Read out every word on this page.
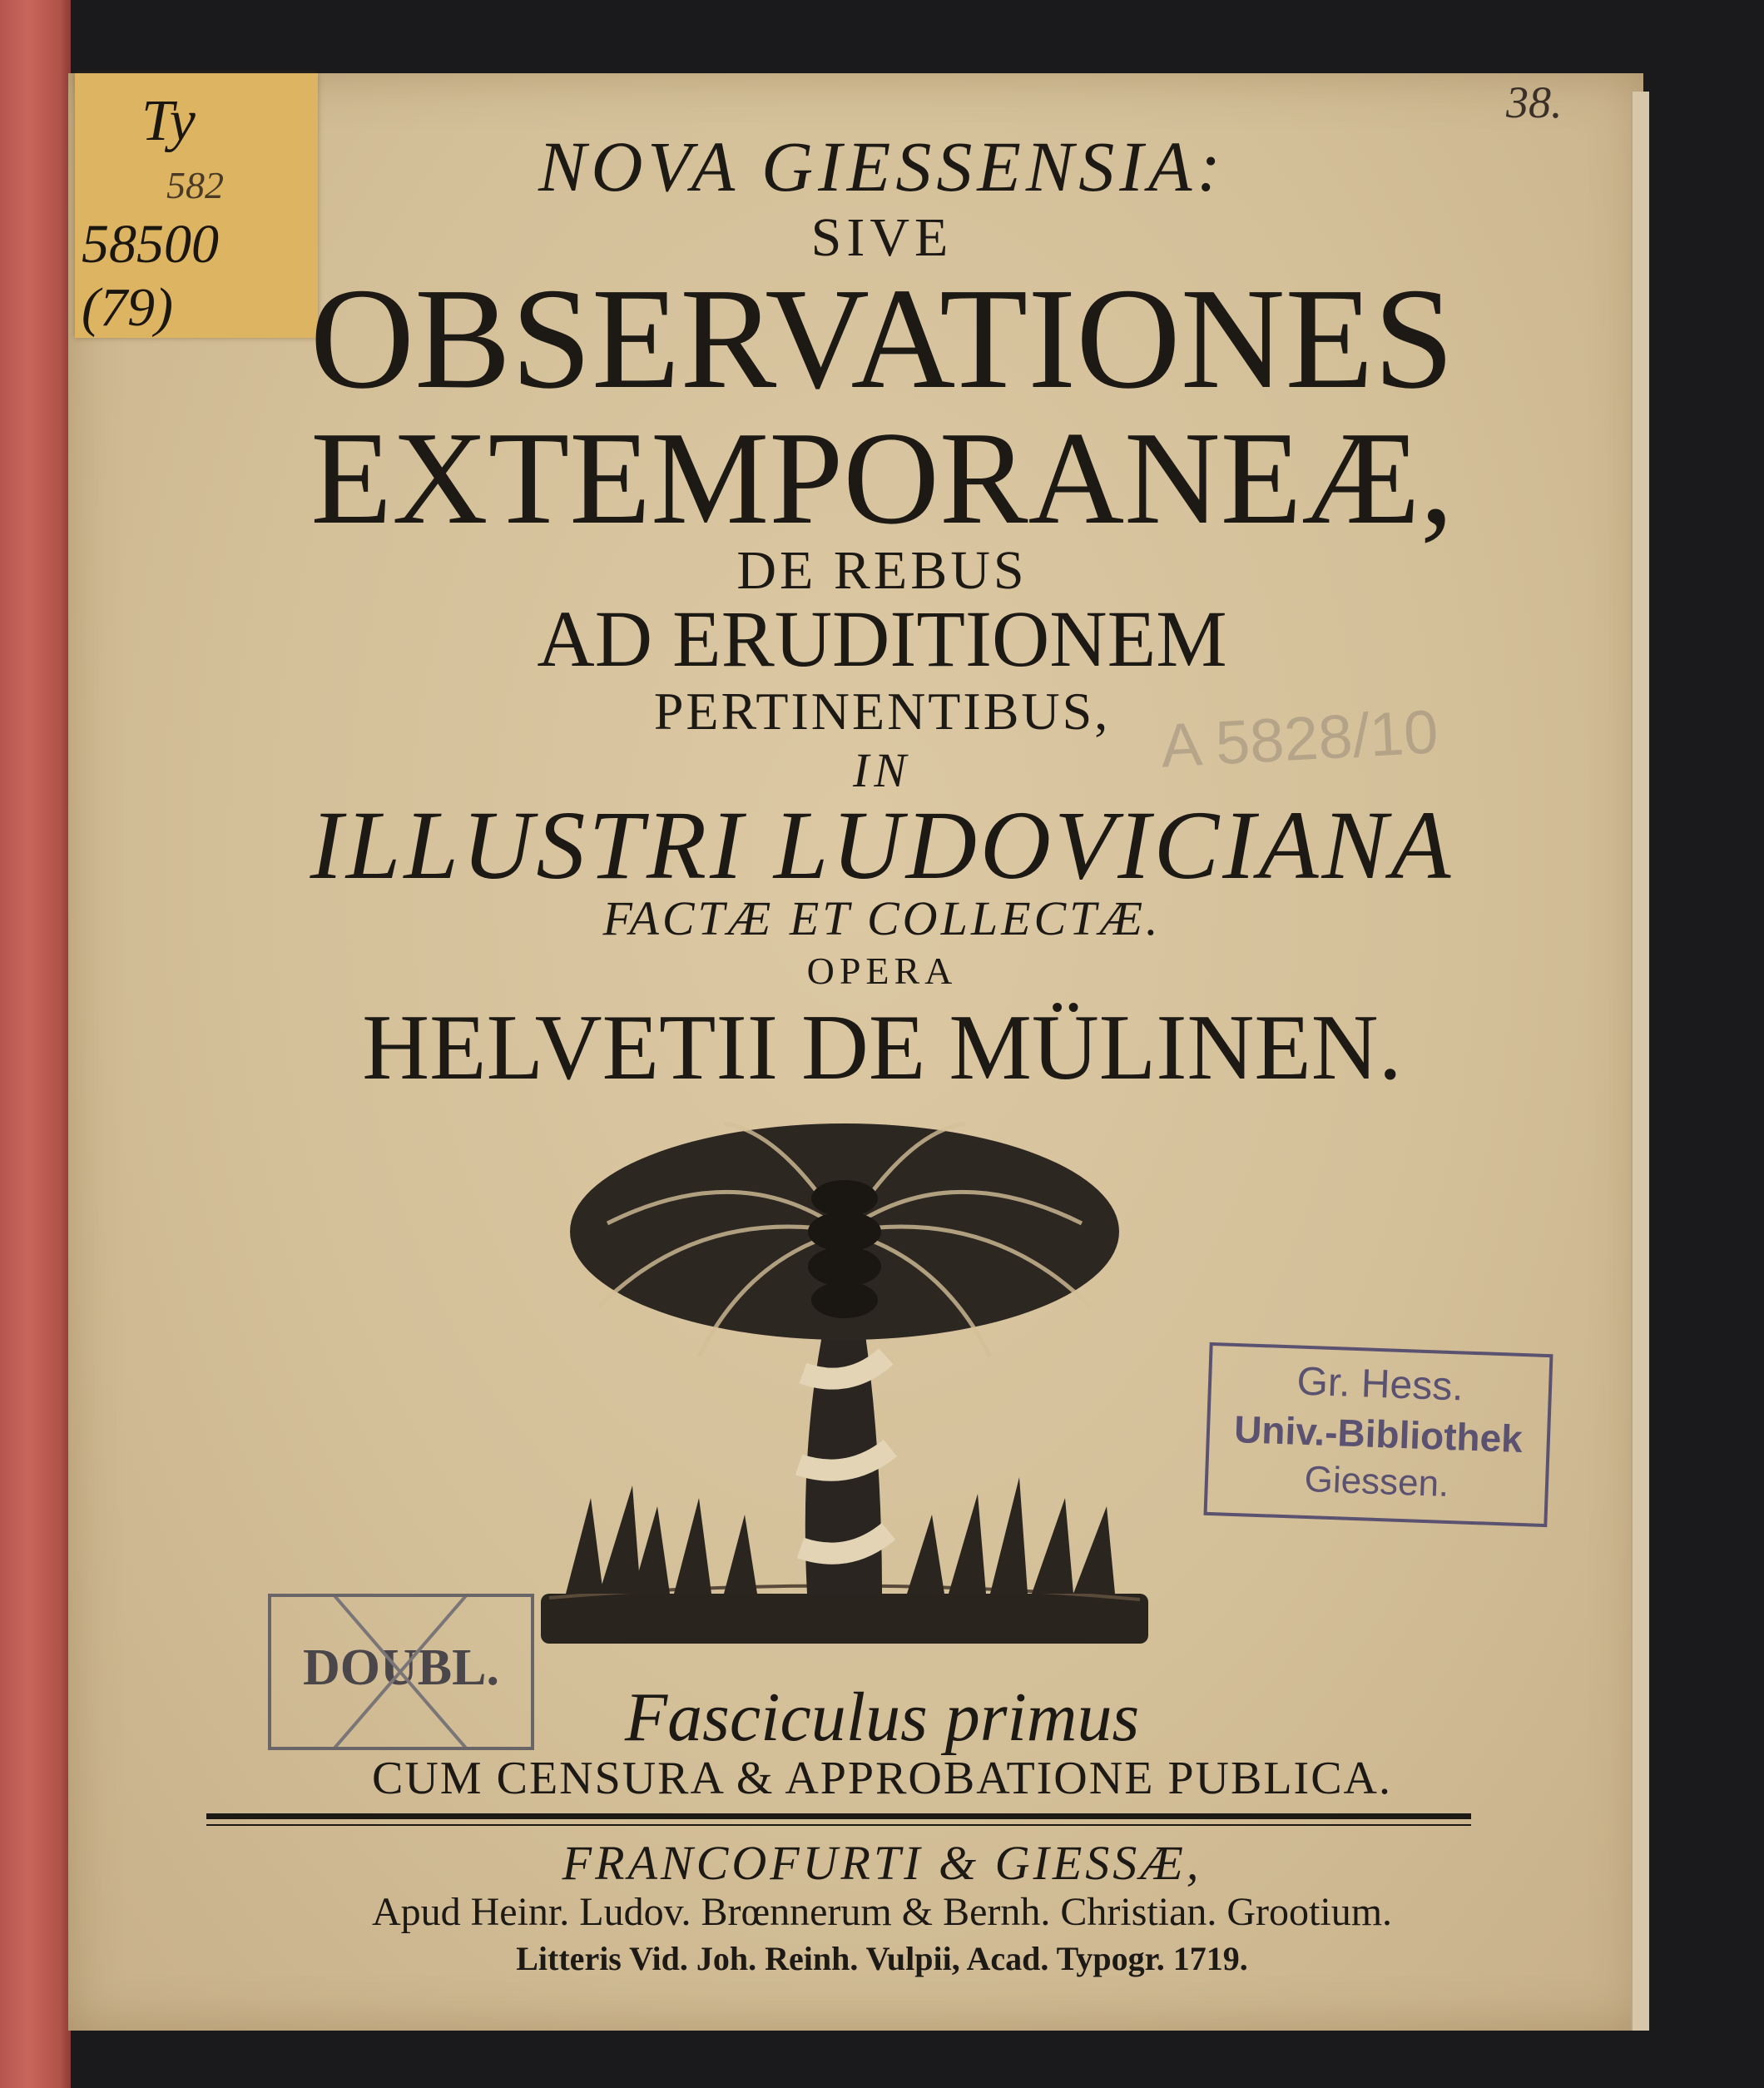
Ty
582
58500 (79)
38.
NOVA GIESSENSIA:
SIVE
OBSERVATIONES
EXTEMPORANEÆ,
DE REBUS
AD ERUDITIONEM
PERTINENTIBUS,
IN
ILLUSTRI LUDOVICIANA
FACTÆ ET COLLECTÆ.
OPERA
HELVETII DE MÜLINEN.
A 5828/10
Gr. Hess.
Univ.-Bibliothek
Giessen.
DOUBL.
Fasciculus primus
CUM CENSURA & APPROBATIONE PUBLICA.
FRANCOFURTI & GIESSÆ,
Apud Heinr. Ludov. Brœnnerum & Bernh. Christian. Grootium.
Litteris Vid. Joh. Reinh. Vulpii, Acad. Typogr. 1719.
